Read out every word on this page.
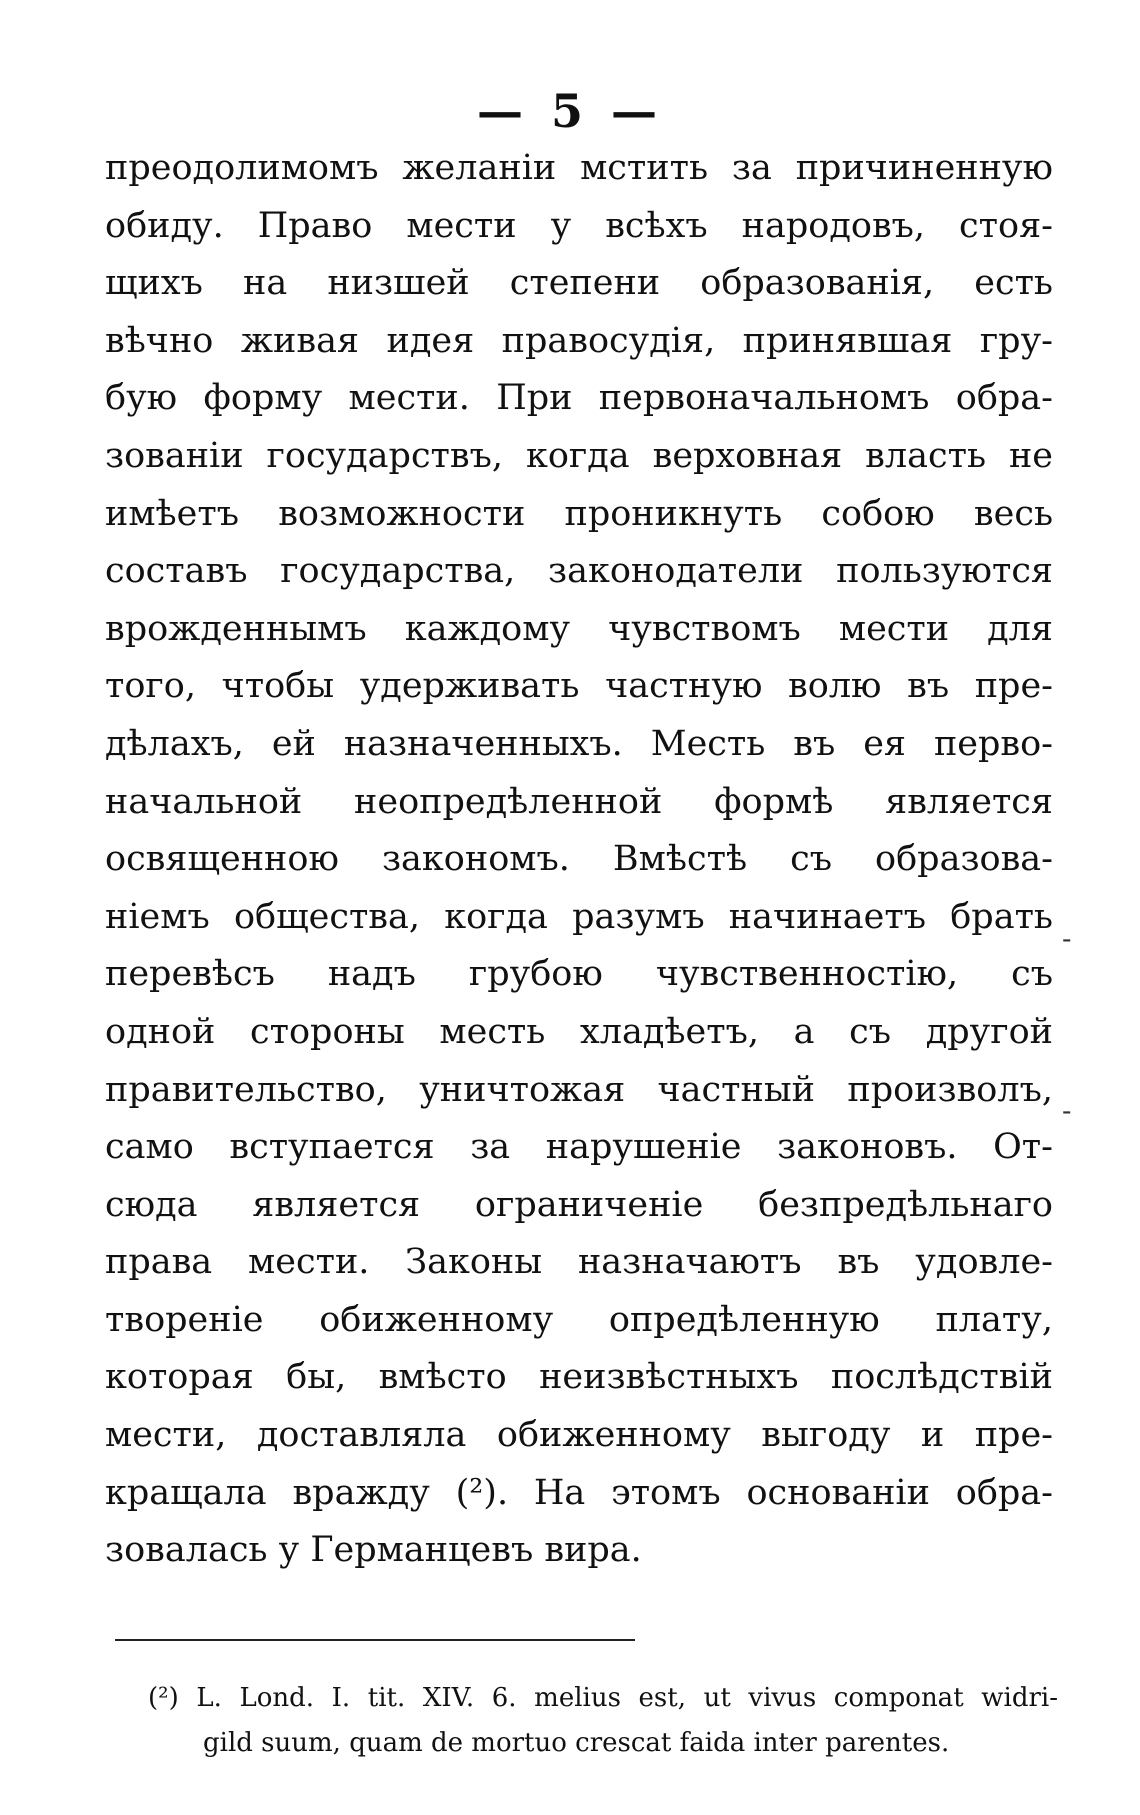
— 5 —
преодолимомъ желаніи мстить за причиненную
обиду. Право мести у всѣхъ народовъ, стоя-
щихъ на низшей степени образованія, есть
вѣчно живая идея правосудія, принявшая гру-
бую форму мести. При первоначальномъ обра-
зованіи государствъ, когда верховная власть не
имѣетъ возможности проникнуть собою весь
составъ государства, законодатели пользуются
врожденнымъ каждому чувствомъ мести для
того, чтобы удерживать частную волю въ пре-
дѣлахъ, ей назначенныхъ. Месть въ ея перво-
начальной неопредѣленной формѣ является
освященною закономъ. Вмѣстѣ съ образова-
ніемъ общества, когда разумъ начинаетъ брать
перевѣсъ надъ грубою чувственностію, съ
одной стороны месть хладѣетъ, а съ другой
правительство, уничтожая частный произволъ,
само вступается за нарушеніе законовъ. От-
сюда является ограниченіе безпредѣльнаго
права мести. Законы назначаютъ въ удовле-
твореніе обиженному опредѣленную плату,
которая бы, вмѣсто неизвѣстныхъ послѣдствій
мести, доставляла обиженному выгоду и пре-
кращала вражду (²). На этомъ основаніи обра-
зовалась у Германцевъ вира.
-
-
(²) L. Lond. I. tit. XIV. 6. melius est, ut vivus componat widri-
gild suum, quam de mortuo crescat faida inter parentes.
